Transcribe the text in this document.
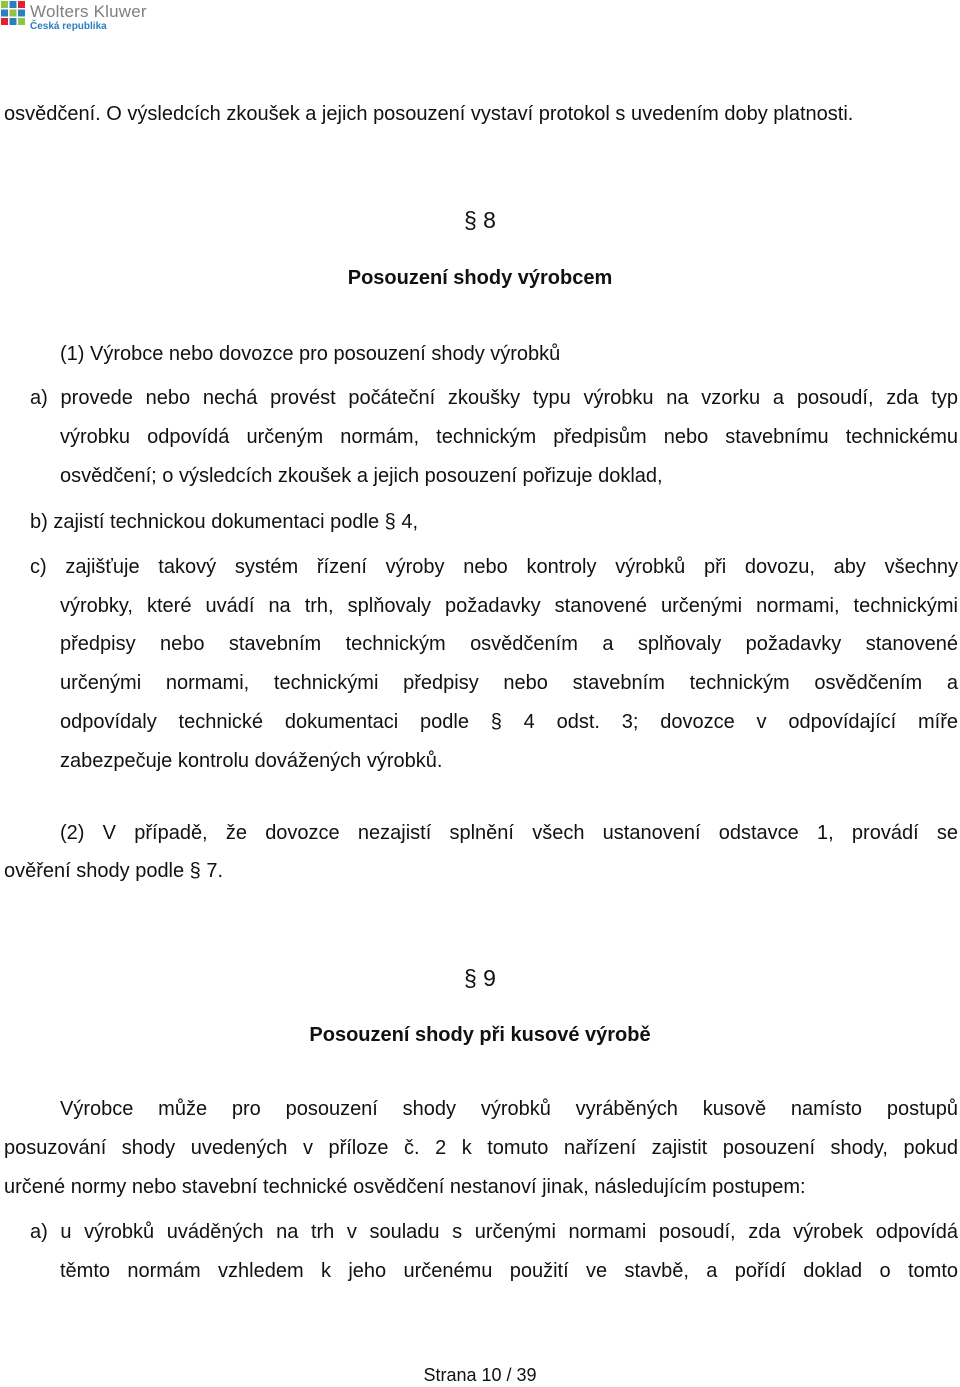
Wolters Kluwer
Česká republika
osvědčení. O výsledcích zkoušek a jejich posouzení vystaví protokol s uvedením doby platnosti.
§ 8
Posouzení shody výrobcem
(1) Výrobce nebo dovozce pro posouzení shody výrobků
a) provede nebo nechá provést počáteční zkoušky typu výrobku na vzorku a posoudí, zda typ
výrobku odpovídá určeným normám, technickým předpisům nebo stavebnímu technickému
osvědčení; o výsledcích zkoušek a jejich posouzení pořizuje doklad,
b) zajistí technickou dokumentaci podle § 4,
c) zajišťuje takový systém řízení výroby nebo kontroly výrobků při dovozu, aby všechny
výrobky, které uvádí na trh, splňovaly požadavky stanovené určenými normami, technickými
předpisy nebo stavebním technickým osvědčením a splňovaly požadavky stanovené
určenými normami, technickými předpisy nebo stavebním technickým osvědčením a
odpovídaly technické dokumentaci podle § 4 odst. 3; dovozce v odpovídající míře
zabezpečuje kontrolu dovážených výrobků.
(2) V případě, že dovozce nezajistí splnění všech ustanovení odstavce 1, provádí se
ověření shody podle § 7.
§ 9
Posouzení shody při kusové výrobě
Výrobce může pro posouzení shody výrobků vyráběných kusově namísto postupů
posuzování shody uvedených v příloze č. 2 k tomuto nařízení zajistit posouzení shody, pokud
určené normy nebo stavební technické osvědčení nestanoví jinak, následujícím postupem:
a) u výrobků uváděných na trh v souladu s určenými normami posoudí, zda výrobek odpovídá
těmto normám vzhledem k jeho určenému použití ve stavbě, a pořídí doklad o tomto
Strana 10 / 39
